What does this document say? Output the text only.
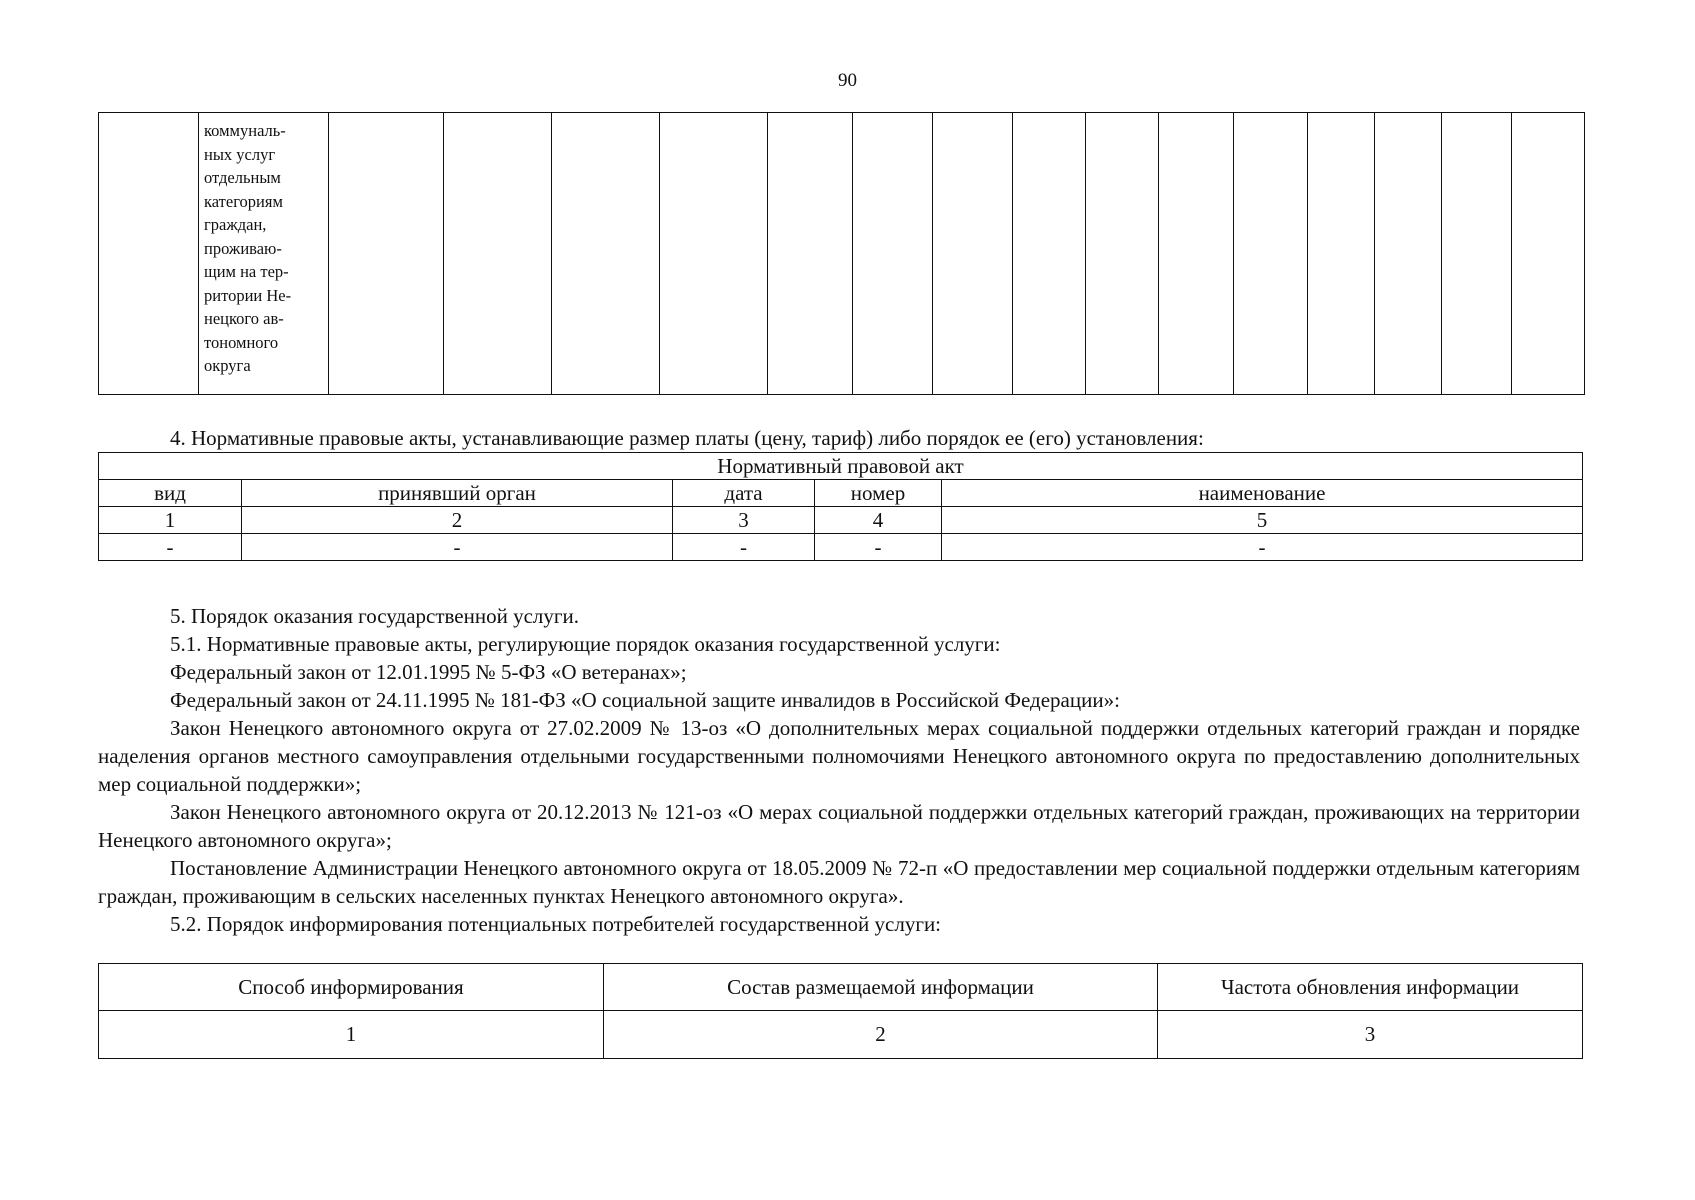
90

коммуналь-
ных услуг
отдельным
категориям
граждан,
проживаю-
щим на тер-
ритории Не-
нецкого ав-
тономного
округа

4. Нормативные правовые акты, устанавливающие размер платы (цену, тариф) либо порядок ее (его) установления:
Нормативный правовой акт				
вид	принявший орган	дата	номер	наименование
1	2	3	4	5
-	-	-	-	-

5. Порядок оказания государственной услуги.

5.1. Нормативные правовые акты, регулирующие порядок оказания государственной услуги:

Федеральный закон от 12.01.1995 № 5-ФЗ «О ветеранах»;

Федеральный закон от 24.11.1995 № 181-ФЗ «О социальной защите инвалидов в Российской Федерации»:

Закон Ненецкого автономного округа от 27.02.2009 № 13-оз «О дополнительных мерах социальной поддержки отдельных категорий граждан и порядке наделения органов местного самоуправления отдельными государственными полномочиями Ненецкого автономного округа по предоставлению дополнительных мер социальной поддержки»;

Закон Ненецкого автономного округа от 20.12.2013 № 121-оз «О мерах социальной поддержки отдельных категорий граждан, проживающих на территории Ненецкого автономного округа»;

Постановление Администрации Ненецкого автономного округа от 18.05.2009 № 72-п «О предоставлении мер социальной поддержки отдельным категориям граждан, проживающим в сельских населенных пунктах Ненецкого автономного округа».

5.2. Порядок информирования потенциальных потребителей государственной услуги:

Способ информирования	Состав размещаемой информации	Частота обновления информации
1	2	3
